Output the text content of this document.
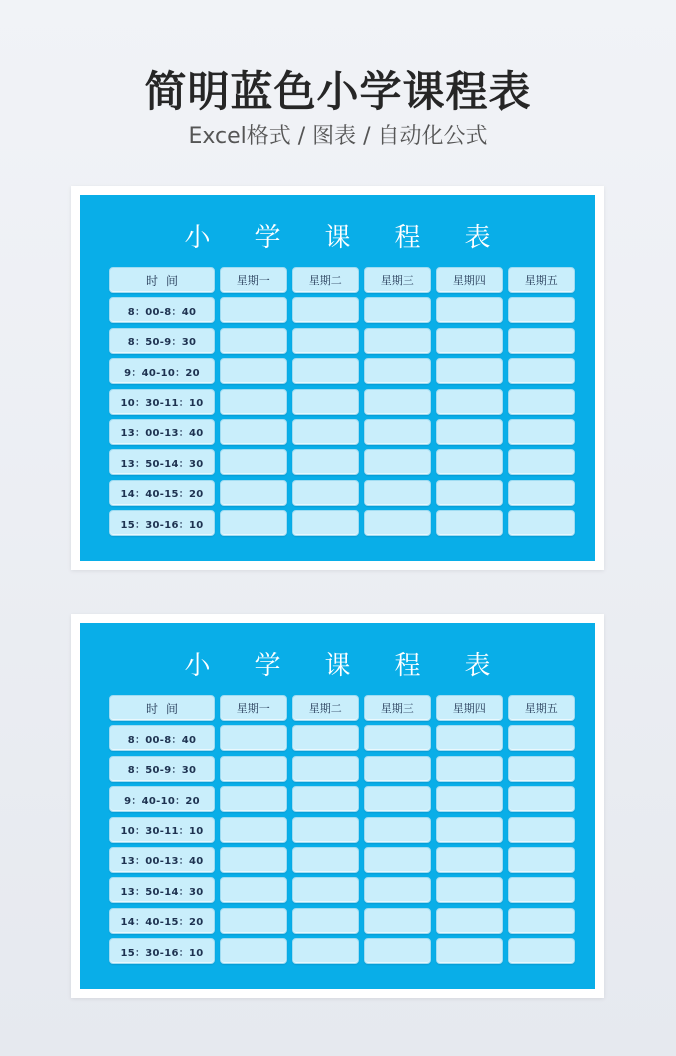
简明蓝色小学课程表
Excel格式 / 图表 / 自动化公式
小学课程表
时间	星期一	星期二	星期三	星期四	星期五
8：00-8：40
8：50-9：30
9：40-10：20
10：30-11：10
13：00-13：40
13：50-14：30
14：40-15：20
15：30-16：10
小学课程表
时间	星期一	星期二	星期三	星期四	星期五
8：00-8：40
8：50-9：30
9：40-10：20
10：30-11：10
13：00-13：40
13：50-14：30
14：40-15：20
15：30-16：10
